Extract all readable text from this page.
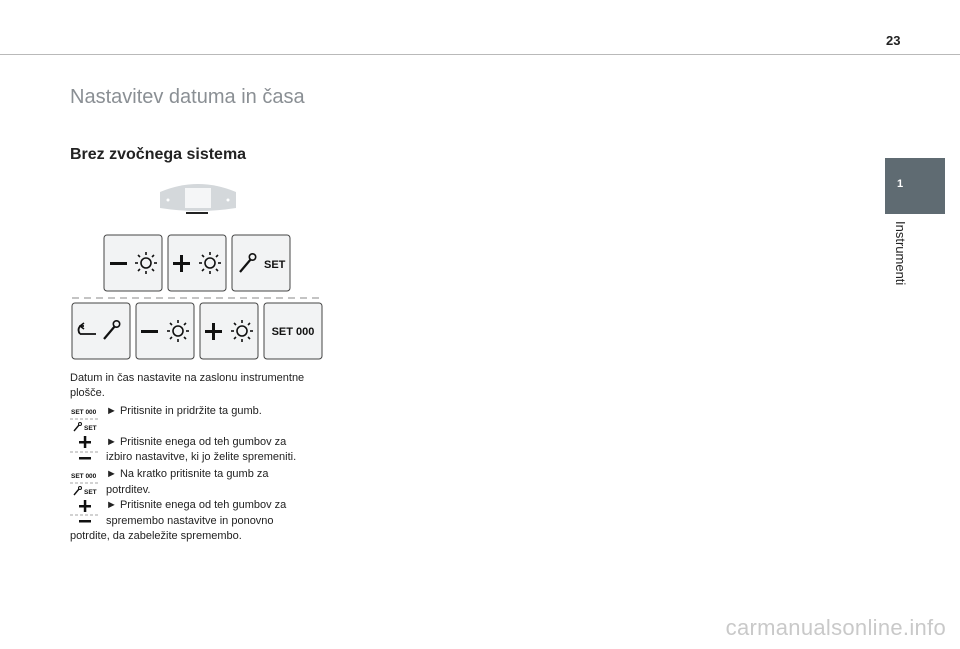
23
Nastavitev datuma in časa
Brez zvočnega sistema
1
Instrumenti
SET
SET 000
SET 000
SET
SET 000
SET
Datum in čas nastavite na zaslonu instrumentne
plošče.
► Pritisnite in pridržite ta gumb.
► Pritisnite enega od teh gumbov za
izbiro nastavitve, ki jo želite spremeniti.
► Na kratko pritisnite ta gumb za
potrditev.
► Pritisnite enega od teh gumbov za
spremembo nastavitve in ponovno
potrdite, da zabeležite spremembo.
carmanualsonline.info
